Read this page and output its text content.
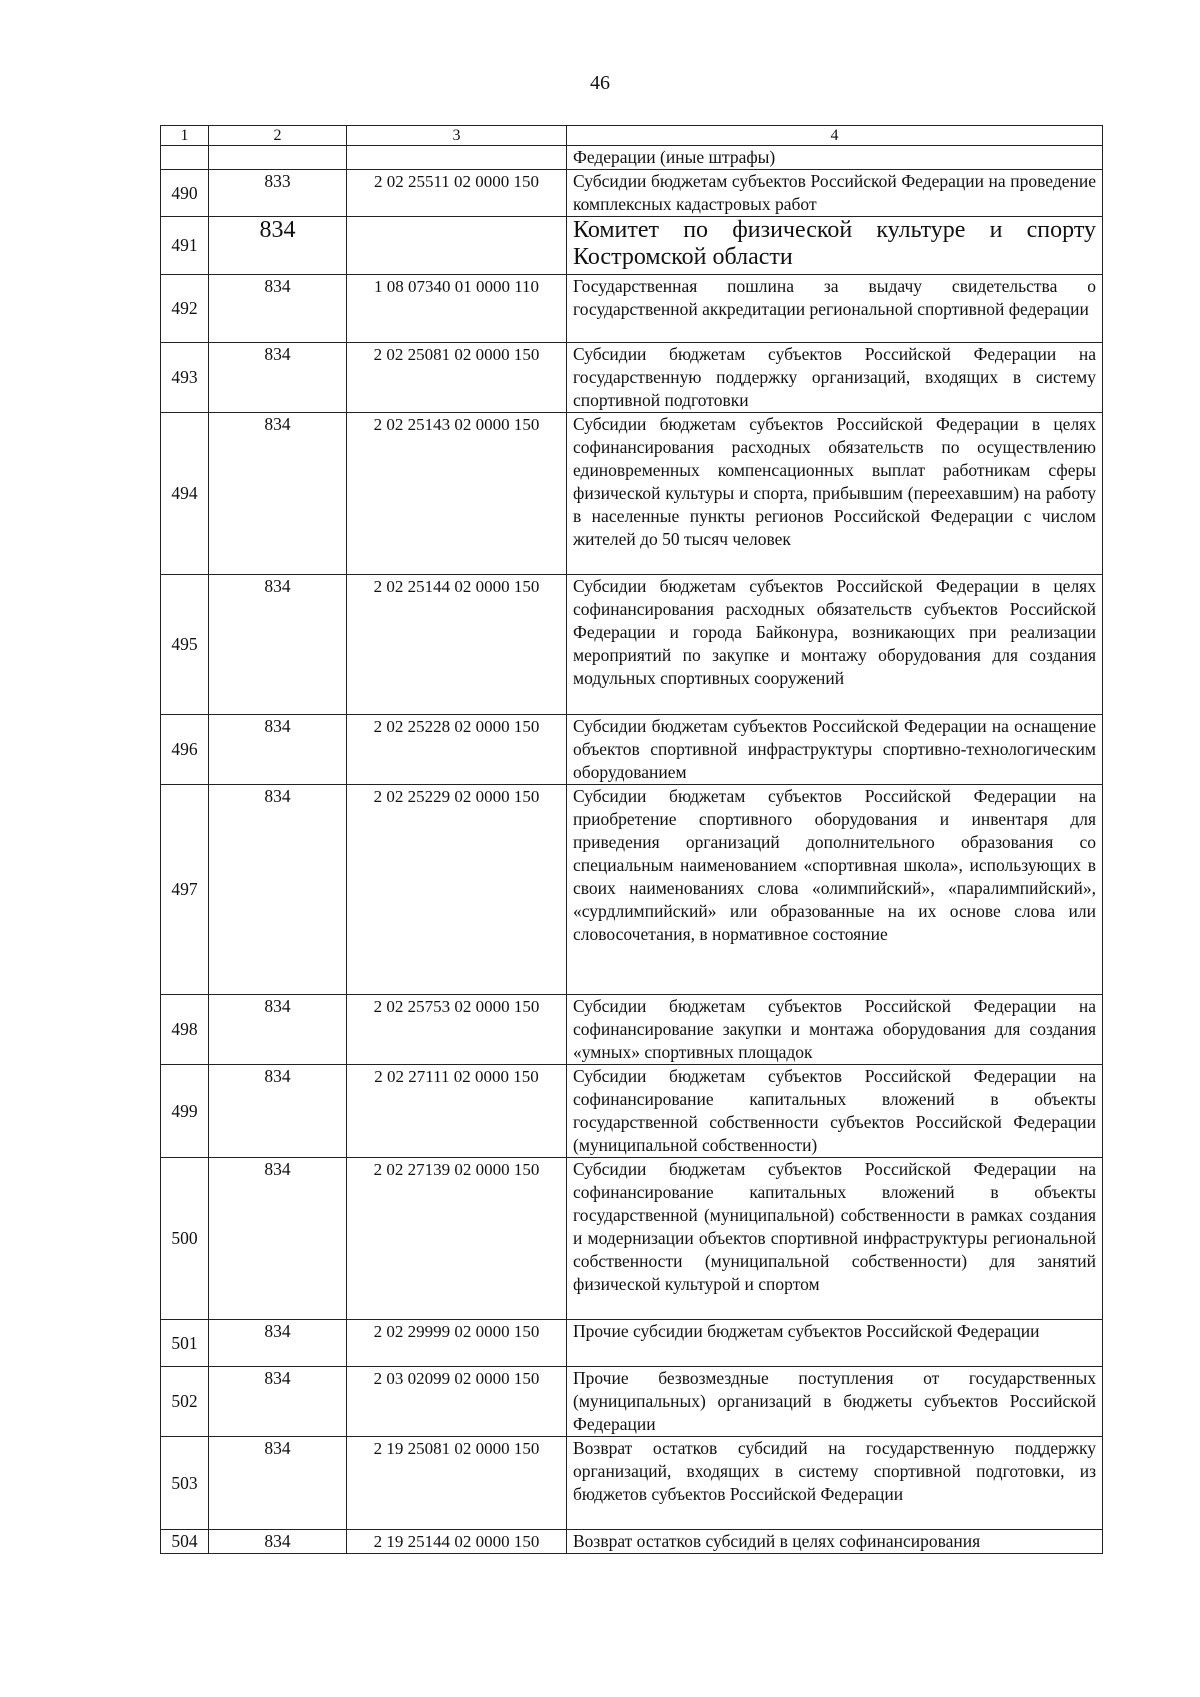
46
1	2	3	4
			Федерации (иные штрафы)
490	833	2 02 25511 02 0000 150	Субсидии бюджетам субъектов Российской Федерации на проведение комплексных кадастровых работ
491	834		Комитет по физической культуре и спорту Костромской области
492	834	1 08 07340 01 0000 110	Государственная пошлина за выдачу свидетельства о государственной аккредитации региональной спортивной федерации
493	834	2 02 25081 02 0000 150	Субсидии бюджетам субъектов Российской Федерации на государственную поддержку организаций, входящих в систему спортивной подготовки
494	834	2 02 25143 02 0000 150	Субсидии бюджетам субъектов Российской Федерации в целях софинансирования расходных обязательств по осуществлению единовременных компенсационных выплат работникам сферы физической культуры и спорта, прибывшим (переехавшим) на работу в населенные пункты регионов Российской Федерации с числом жителей до 50 тысяч человек
495	834	2 02 25144 02 0000 150	Субсидии бюджетам субъектов Российской Федерации в целях софинансирования расходных обязательств субъектов Российской Федерации и города Байконура, возникающих при реализации мероприятий по закупке и монтажу оборудования для создания модульных спортивных сооружений
496	834	2 02 25228 02 0000 150	Субсидии бюджетам субъектов Российской Федерации на оснащение объектов спортивной инфраструктуры спортивно-технологическим оборудованием
497	834	2 02 25229 02 0000 150	Субсидии бюджетам субъектов Российской Федерации на приобретение спортивного оборудования и инвентаря для приведения организаций дополнительного образования со специальным наименованием «спортивная школа», использующих в своих наименованиях слова «олимпийский», «паралимпийский», «сурдлимпийский» или образованные на их основе слова или словосочетания, в нормативное состояние
498	834	2 02 25753 02 0000 150	Субсидии бюджетам субъектов Российской Федерации на софинансирование закупки и монтажа оборудования для создания «умных» спортивных площадок
499	834	2 02 27111 02 0000 150	Субсидии бюджетам субъектов Российской Федерации на софинансирование капитальных вложений в объекты государственной собственности субъектов Российской Федерации (муниципальной собственности)
500	834	2 02 27139 02 0000 150	Субсидии бюджетам субъектов Российской Федерации на софинансирование капитальных вложений в объекты государственной (муниципальной) собственности в рамках создания и модернизации объектов спортивной инфраструктуры региональной собственности (муниципальной собственности) для занятий физической культурой и спортом
501	834	2 02 29999 02 0000 150	Прочие субсидии бюджетам субъектов Российской Федерации
502	834	2 03 02099 02 0000 150	Прочие безвозмездные поступления от государственных (муниципальных) организаций в бюджеты субъектов Российской Федерации
503	834	2 19 25081 02 0000 150	Возврат остатков субсидий на государственную поддержку организаций, входящих в систему спортивной подготовки, из бюджетов субъектов Российской Федерации
504	834	2 19 25144 02 0000 150	Возврат остатков субсидий в целях софинансирования
